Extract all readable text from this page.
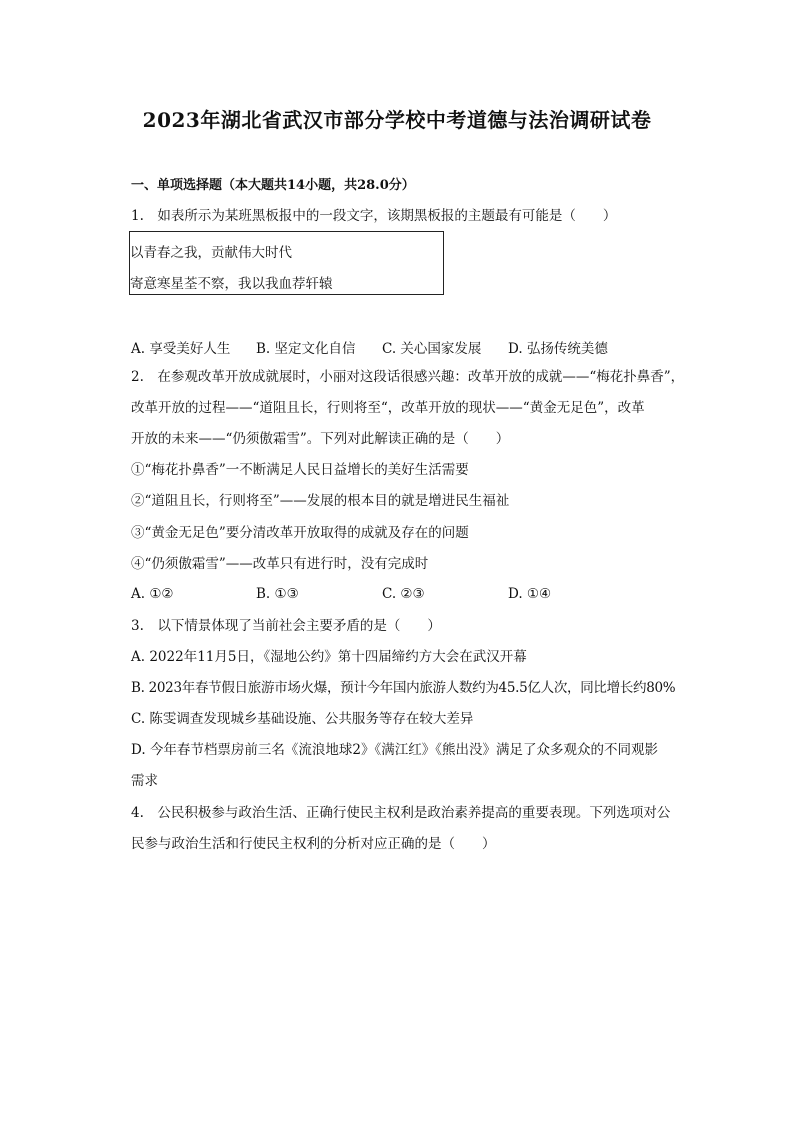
2023年湖北省武汉市部分学校中考道德与法治调研试卷
一、单项选择题（本大题共14小题，共28.0分）
1.　如表所示为某班黑板报中的一段文字，该期黑板报的主题最有可能是（　　）
以青春之我，贡献伟大时代
寄意寒星荃不察，我以我血荐轩辕
A. 享受美好人生 B. 坚定文化自信 C. 关心国家发展 D. 弘扬传统美德
2.　在参观改革开放成就展时，小丽对这段话很感兴趣：改革开放的成就——“梅花扑鼻香”，
改革开放的过程——“道阻且长，行则将至“，改革开放的现状——“黄金无足色”，改革
开放的未来——“仍须傲霜雪”。下列对此解读正确的是（　　）
①“梅花扑鼻香”一不断满足人民日益增长的美好生活需要
②“道阻且长，行则将至”——发展的根本目的就是增进民生福祉
③“黄金无足色”要分清改革开放取得的成就及存在的问题
④“仍须傲霜雪”——改革只有进行时，没有完成时
A. ①②	B. ①③	C. ②③	D. ①④
3.　以下情景体现了当前社会主要矛盾的是（　　）
A. 2022年11月5日，《湿地公约》第十四届缔约方大会在武汉开幕
B. 2023年春节假日旅游市场火爆，预计今年国内旅游人数约为45.5亿人次，同比增长约80%
C. 陈雯调查发现城乡基础设施、公共服务等存在较大差异
D. 今年春节档票房前三名《流浪地球2》《满江红》《熊出没》满足了众多观众的不同观影
需求
4.　公民积极参与政治生活、正确行使民主权利是政治素养提高的重要表现。下列选项对公
民参与政治生活和行使民主权利的分析对应正确的是（　　）
